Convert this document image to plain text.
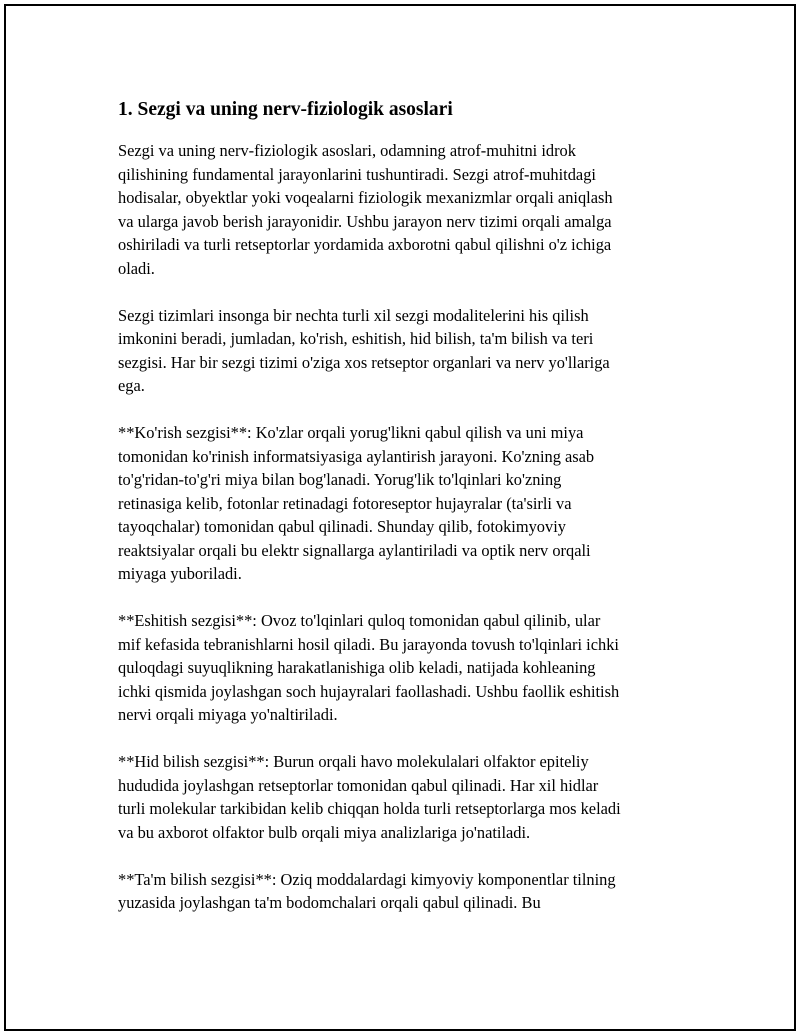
1. Sezgi va uning nerv-fiziologik asoslari

Sezgi va uning nerv-fiziologik asoslari, odamning atrof-muhitni idrok
qilishining fundamental jarayonlarini tushuntiradi. Sezgi atrof-muhitdagi
hodisalar, obyektlar yoki voqealarni fiziologik mexanizmlar orqali aniqlash
va ularga javob berish jarayonidir. Ushbu jarayon nerv tizimi orqali amalga
oshiriladi va turli retseptorlar yordamida axborotni qabul qilishni o'z ichiga
oladi.

Sezgi tizimlari insonga bir nechta turli xil sezgi modalitelerini his qilish
imkonini beradi, jumladan, ko'rish, eshitish, hid bilish, ta'm bilish va teri
sezgisi. Har bir sezgi tizimi o'ziga xos retseptor organlari va nerv yo'llariga
ega.

**Ko'rish sezgisi**: Ko'zlar orqali yorug'likni qabul qilish va uni miya
tomonidan ko'rinish informatsiyasiga aylantirish jarayoni. Ko'zning asab
to'g'ridan-to'g'ri miya bilan bog'lanadi. Yorug'lik to'lqinlari ko'zning
retinasiga kelib, fotonlar retinadagi fotoreseptor hujayralar (ta'sirli va
tayoqchalar) tomonidan qabul qilinadi. Shunday qilib, fotokimyoviy
reaktsiyalar orqali bu elektr signallarga aylantiriladi va optik nerv orqali
miyaga yuboriladi.

**Eshitish sezgisi**: Ovoz to'lqinlari quloq tomonidan qabul qilinib, ular
mif kefasida tebranishlarni hosil qiladi. Bu jarayonda tovush to'lqinlari ichki
quloqdagi suyuqlikning harakatlanishiga olib keladi, natijada kohleaning
ichki qismida joylashgan soch hujayralari faollashadi. Ushbu faollik eshitish
nervi orqali miyaga yo'naltiriladi.

**Hid bilish sezgisi**: Burun orqali havo molekulalari olfaktor epiteliy
hududida joylashgan retseptorlar tomonidan qabul qilinadi. Har xil hidlar
turli molekular tarkibidan kelib chiqqan holda turli retseptorlarga mos keladi
va bu axborot olfaktor bulb orqali miya analizlariga jo'natiladi.

**Ta'm bilish sezgisi**: Oziq moddalardagi kimyoviy komponentlar tilning
yuzasida joylashgan ta'm bodomchalari orqali qabul qilinadi. Bu
